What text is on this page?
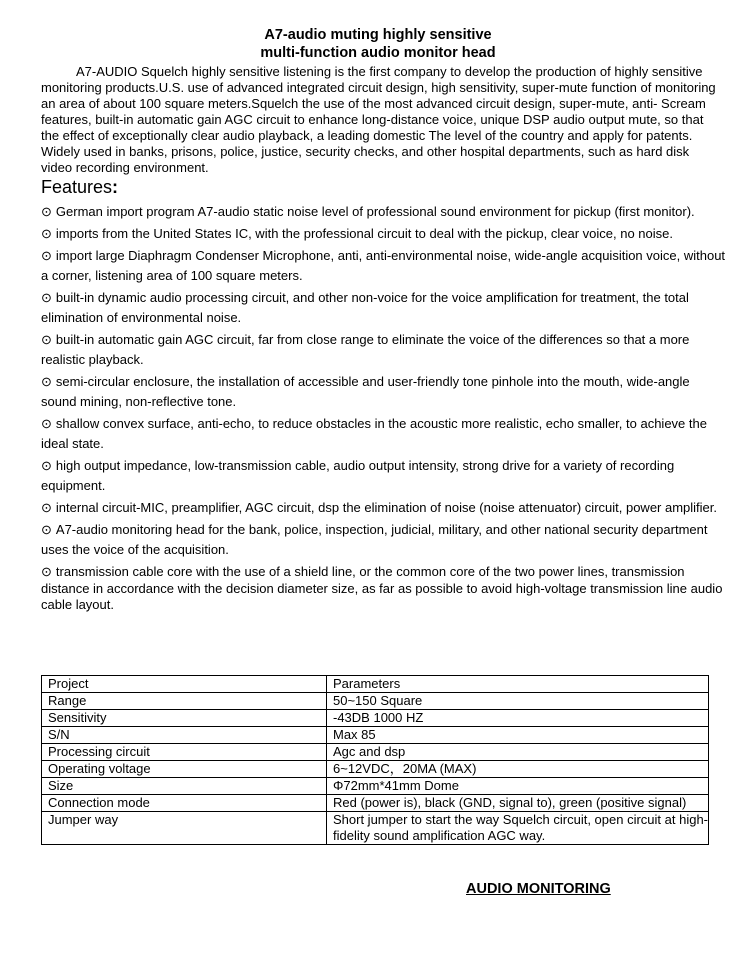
A7-audio muting highly sensitive
multi-function audio monitor head
A7-AUDIO Squelch highly sensitive listening is the first company to develop the production of highly sensitive monitoring products.U.S. use of advanced integrated circuit design, high sensitivity, super-mute function of monitoring an area of about 100 square meters.Squelch the use of the most advanced circuit design, super-mute, anti- Scream features, built-in automatic gain AGC circuit to enhance long-distance voice, unique DSP audio output mute, so that the effect of exceptionally clear audio playback, a leading domestic The level of the country and apply for patents. Widely used in banks, prisons, police, justice, security checks, and other hospital departments, such as hard disk video recording environment.
Features:
⊙ German import program A7-audio static noise level of professional sound environment for pickup (first monitor).
⊙ imports from the United States IC, with the professional circuit to deal with the pickup, clear voice, no noise.
⊙ import large Diaphragm Condenser Microphone, anti, anti-environmental noise, wide-angle acquisition voice, without a corner, listening area of 100 square meters.
⊙ built-in dynamic audio processing circuit, and other non-voice for the voice amplification for treatment, the total elimination of environmental noise.
⊙ built-in automatic gain AGC circuit, far from close range to eliminate the voice of the differences so that a more realistic playback.
⊙ semi-circular enclosure, the installation of accessible and user-friendly tone pinhole into the mouth, wide-angle sound mining, non-reflective tone.
⊙ shallow convex surface, anti-echo, to reduce obstacles in the acoustic more realistic, echo smaller, to achieve the ideal state.
⊙ high output impedance, low-transmission cable, audio output intensity, strong drive for a variety of recording equipment.
⊙ internal circuit-MIC, preamplifier, AGC circuit, dsp the elimination of noise (noise attenuator) circuit, power amplifier.
⊙ A7-audio monitoring head for the bank, police, inspection, judicial, military, and other national security department uses the voice of the acquisition.
⊙ transmission cable core with the use of a shield line, or the common core of the two power lines, transmission distance in accordance with the decision diameter size, as far as possible to avoid high-voltage transmission line audio cable layout.
Project	Parameters
Range	50~150 Square
Sensitivity	-43DB 1000 HZ
S/N	Max 85
Processing circuit	Agc and dsp
Operating voltage	6~12VDC，20MA (MAX)
Size	Φ72mm*41mm Dome
Connection mode	Red (power is), black (GND, signal to), green (positive signal)
Jumper way	Short jumper to start the way Squelch circuit, open circuit at high-fidelity sound amplification AGC way.
AUDIO MONITORING
